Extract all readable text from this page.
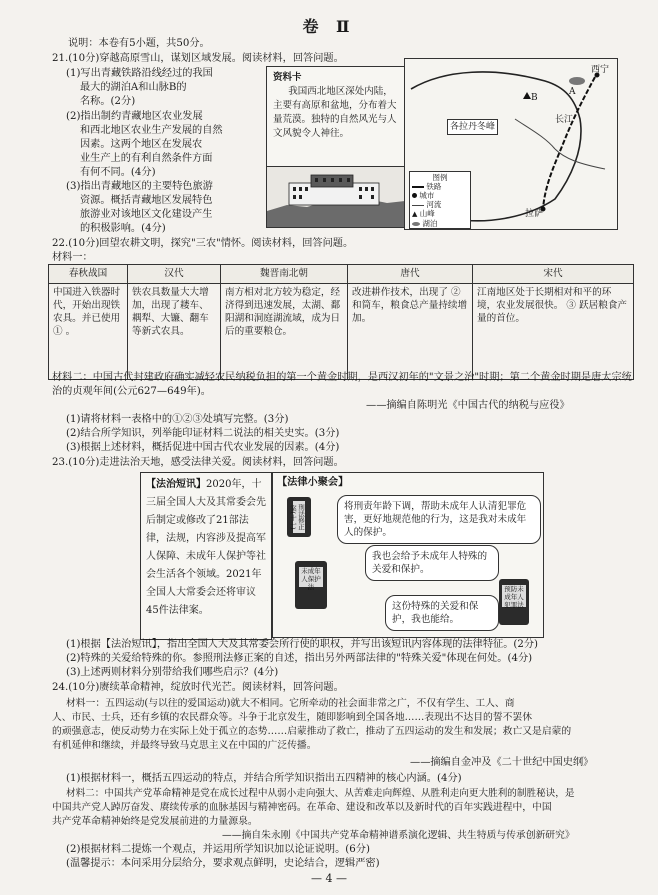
卷 Ⅱ
说明：本卷有5小题，共50分。
21.(10分)穿越高原雪山，谋划区域发展。阅读材料，回答问题。
(1)写出青藏铁路沿线经过的我国
最大的湖泊A和山脉B的
名称。(2分)
(2)指出制约青藏地区农业发展
和西北地区农业生产发展的自然
因素。这两个地区在发展农
业生产上的有利自然条件方面
有何不同。(4分)
(3)指出青藏地区的主要特色旅游
资源。概括青藏地区发展特色
旅游业对该地区文化建设产生
的积极影响。(4分)
资料卡
我国西北地区深处内陆，主要有高原和盆地，分布着大量荒漠。独特的自然风光与人文风貌令人神往。
西宁
A
B
各拉丹冬峰
长江
拉萨
图例
铁路
城市
河流
▲ 山峰
湖泊
22.(10分)回望农耕文明，探究"三农"情怀。阅读材料，回答问题。
材料一：
春秋战国	汉代	魏晋南北朝	唐代	宋代
中国进入铁器时代，开始出现铁农具。并已使用 ① 。	铁农具数量大大增加，出现了耧车、耦犁、大镰、翻车等新式农具。	南方相对北方较为稳定，经济得到迅速发展，太湖、鄱阳湖和洞庭湖流域，成为日后的重要粮仓。	改进耕作技术，出现了 ② 和筒车，粮食总产量持续增加。	江南地区处于长期相对和平的环境，农业发展很快。 ③ 跃居粮食产量的首位。
材料二：中国古代封建政府确实减轻农民纳税负担的第一个黄金时期，是西汉初年的"文景之治"时期；第二个黄金时期是唐太宗统治的贞观年间(公元627—649年)。
——摘编自陈明光《中国古代的纳税与应役》
(1)请将材料一表格中的①②③处填写完整。(3分)
(2)结合所学知识，列举能印证材料二说法的相关史实。(3分)
(3)根据上述材料，概括促进中国古代农业发展的因素。(4分)
23.(10分)走进法治天地，感受法律关爱。阅读材料，回答问题。
【法治短讯】2020年，十三届全国人大及其常委会先后制定或修改了21部法律，法规，内容涉及提高军人保障、未成年人保护等社会生活各个领域。2021年全国人大常委会还将审议45件法律案。
【法律小聚会】
将刑责年龄下调，帮助未成年人认清犯罪危害，更好地规范他的行为，这是我对未成年人的保护。
我也会给予未成年人特殊的关爱和保护。
这份特殊的关爱和保护，我也能给。
刑法修正案(十一)
未成年人保护法	预防未成年人犯罪法
(1)根据【法治短讯】，指出全国人大及其常委会所行使的职权，并写出该短讯内容体现的法律特征。(2分)
(2)特殊的关爱给特殊的你。参照刑法修正案的自述，指出另外两部法律的"特殊关爱"体现在何处。(4分)
(3)上述两则材料分别带给我们哪些启示？(4分)
24.(10分)赓续革命精神，绽放时代光芒。阅读材料，回答问题。
材料一：五四运动(与以往的爱国运动)就大不相同。它所牵动的社会面非常之广，不仅有学生、工人、商
人、市民、士兵，还有乡镇的农民群众等。斗争于北京发生，随即影响到全国各地……表现出不达目的誓不罢休
的顽强意志，使反动势力在实际上处于孤立的态势……启蒙推动了救亡，推动了五四运动的发生和发展；救亡又是启蒙的
有机延伸和继续，并最终导致马克思主义在中国的广泛传播。
——摘编自金冲及《二十世纪中国史纲》
(1)根据材料一，概括五四运动的特点，并结合所学知识指出五四精神的核心内涵。(4分)
材料二：中国共产党革命精神是党在成长过程中从弱小走向强大、从苦难走向辉煌、从胜利走向更大胜利的制胜秘诀，是
中国共产党人踔厉奋发、赓续传承的血脉基因与精神密码。在革命、建设和改革以及新时代的百年实践进程中，中国
共产党革命精神始终是党发展前进的力量源泉。
——摘自朱永刚《中国共产党革命精神谱系演化逻辑、共生特质与传承创新研究》
(2)根据材料二提炼一个观点，并运用所学知识加以论证说明。(6分)
(温馨提示：本问采用分层给分，要求观点鲜明，史论结合，逻辑严密)
— 4 —
